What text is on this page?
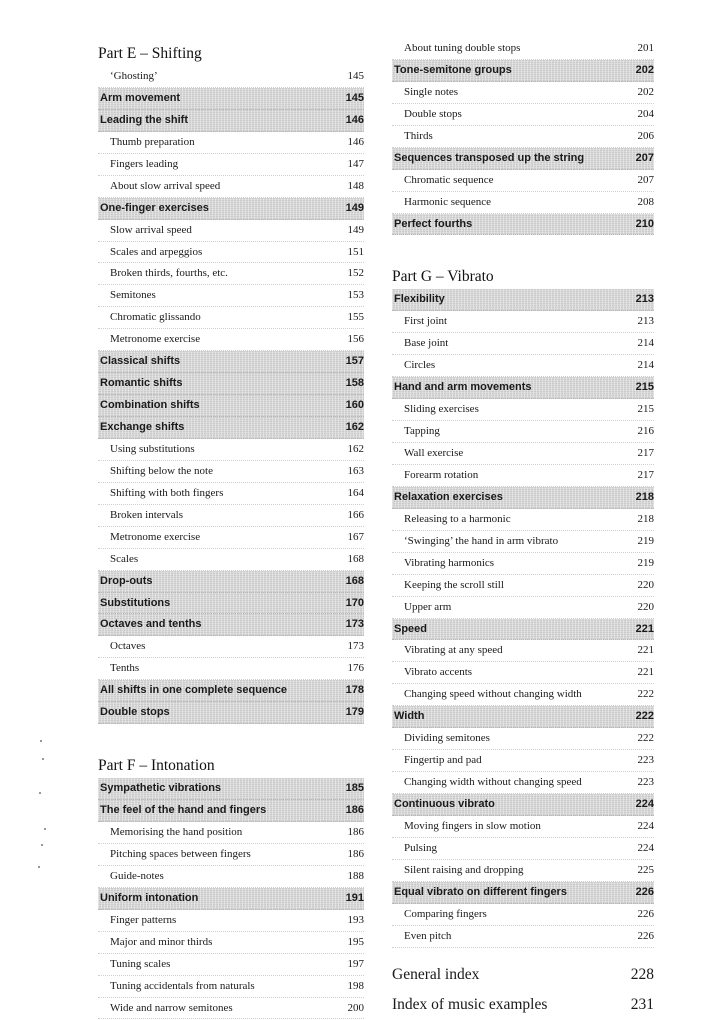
Part E – Shifting
‘Ghosting’	145
Arm movement	145
Leading the shift	146
Thumb preparation	146
Fingers leading	147
About slow arrival speed	148
One-finger exercises	149
Slow arrival speed	149
Scales and arpeggios	151
Broken thirds, fourths, etc.	152
Semitones	153
Chromatic glissando	155
Metronome exercise	156
Classical shifts	157
Romantic shifts	158
Combination shifts	160
Exchange shifts	162
Using substitutions	162
Shifting below the note	163
Shifting with both fingers	164
Broken intervals	166
Metronome exercise	167
Scales	168
Drop-outs	168
Substitutions	170
Octaves and tenths	173
Octaves	173
Tenths	176
All shifts in one complete sequence	178
Double stops	179
Part F – Intonation
Sympathetic vibrations	185
The feel of the hand and fingers	186
Memorising the hand position	186
Pitching spaces between fingers	186
Guide-notes	188
Uniform intonation	191
Finger patterns	193
Major and minor thirds	195
Tuning scales	197
Tuning accidentals from naturals	198
Wide and narrow semitones	200
About tuning double stops	201
Tone-semitone groups	202
Single notes	202
Double stops	204
Thirds	206
Sequences transposed up the string	207
Chromatic sequence	207
Harmonic sequence	208
Perfect fourths	210
Part G – Vibrato
Flexibility	213
First joint	213
Base joint	214
Circles	214
Hand and arm movements	215
Sliding exercises	215
Tapping	216
Wall exercise	217
Forearm rotation	217
Relaxation exercises	218
Releasing to a harmonic	218
‘Swinging’ the hand in arm vibrato	219
Vibrating harmonics	219
Keeping the scroll still	220
Upper arm	220
Speed	221
Vibrating at any speed	221
Vibrato accents	221
Changing speed without changing width	222
Width	222
Dividing semitones	222
Fingertip and pad	223
Changing width without changing speed	223
Continuous vibrato	224
Moving fingers in slow motion	224
Pulsing	224
Silent raising and dropping	225
Equal vibrato on different fingers	226
Comparing fingers	226
Even pitch	226
General index	228
Index of music examples	231
